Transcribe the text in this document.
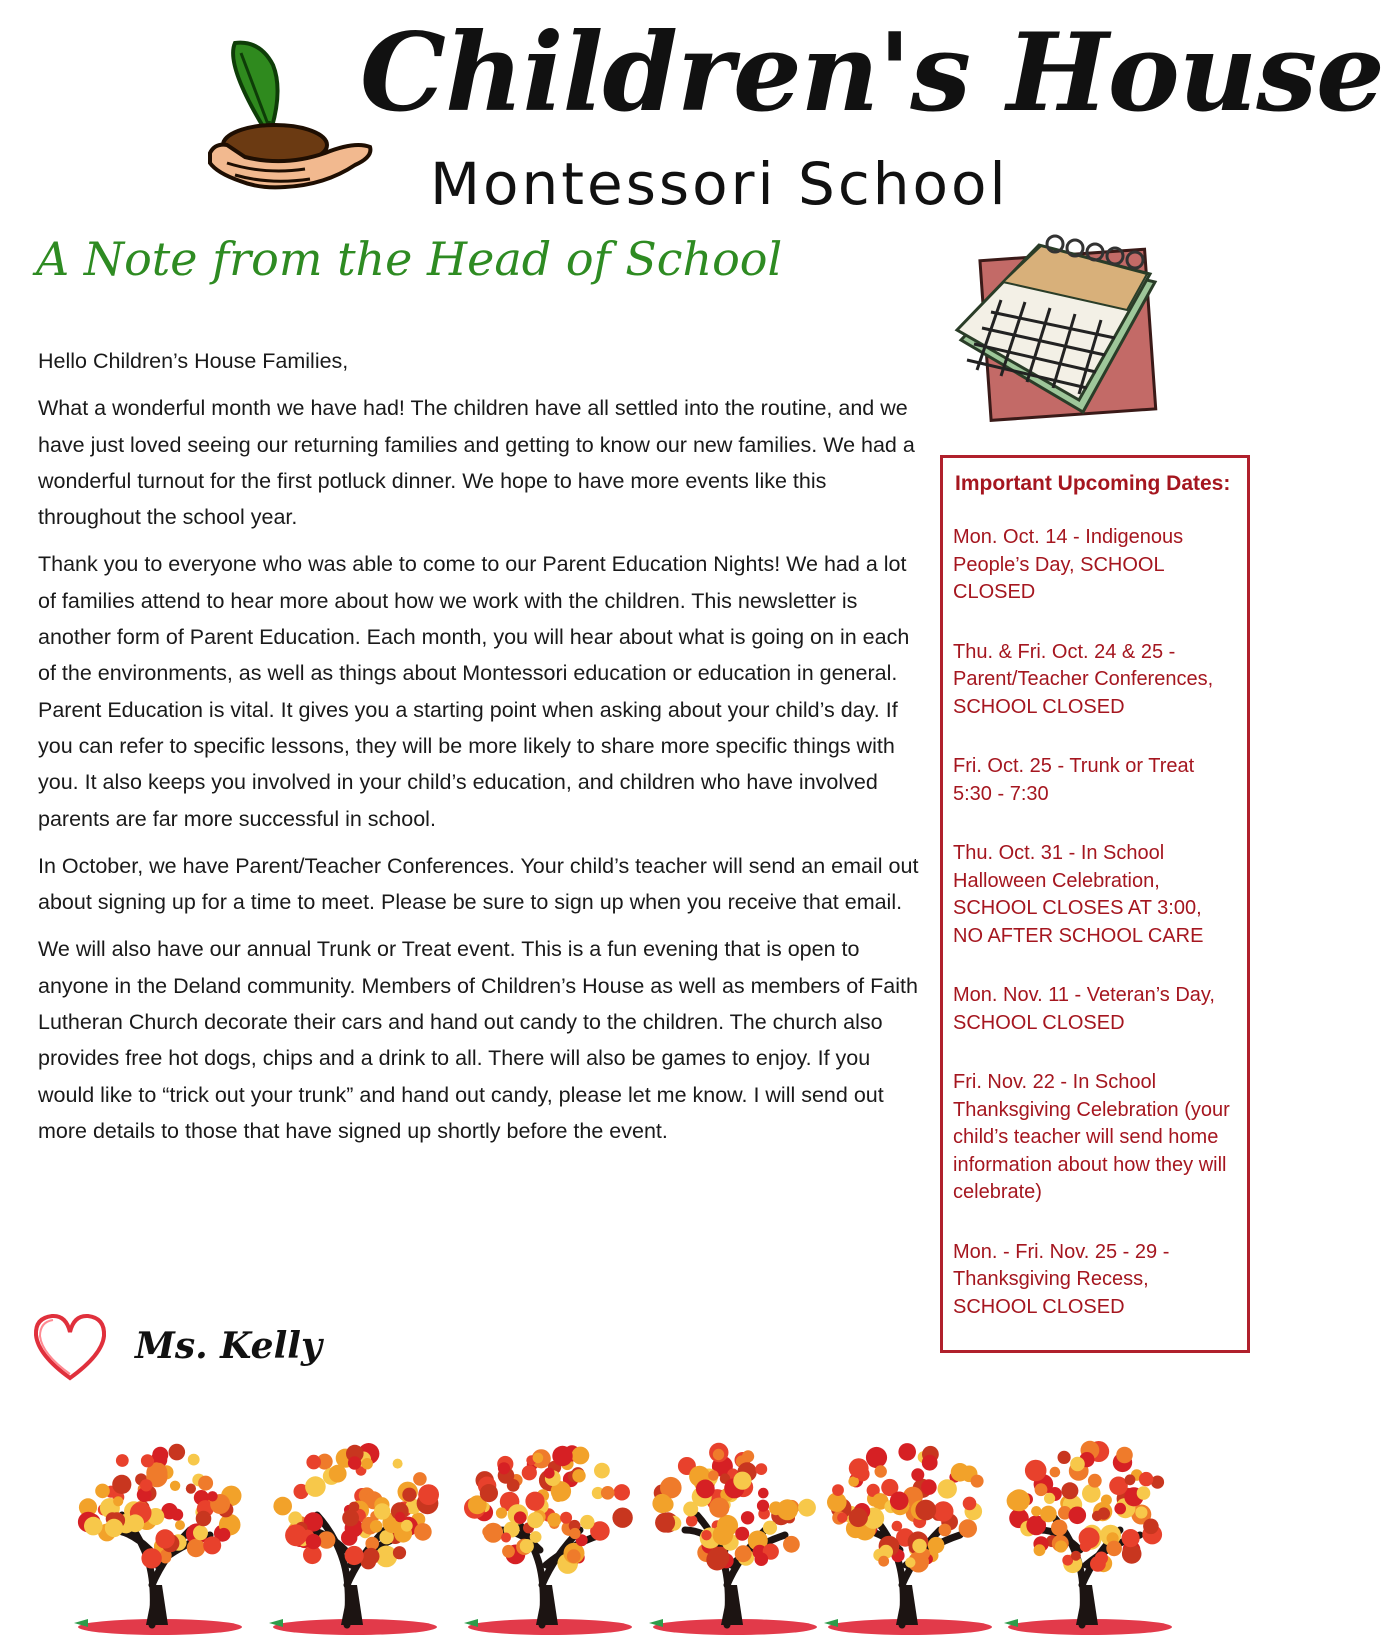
Children's House
Montessori School
A Note from the Head of School

Hello Children’s House Families,

What a wonderful month we have had! The children have all settled into the routine, and we have just loved seeing our returning families and getting to know our new families. We had a wonderful turnout for the first potluck dinner. We hope to have more events like this throughout the school year.

Thank you to everyone who was able to come to our Parent Education Nights! We had a lot of families attend to hear more about how we work with the children. This newsletter is another form of Parent Education. Each month, you will hear about what is going on in each of the environments, as well as things about Montessori education or education in general. Parent Education is vital. It gives you a starting point when asking about your child’s day. If you can refer to specific lessons, they will be more likely to share more specific things with you. It also keeps you involved in your child’s education, and children who have involved parents are far more successful in school.

In October, we have Parent/Teacher Conferences. Your child’s teacher will send an email out about signing up for a time to meet. Please be sure to sign up when you receive that email.

We will also have our annual Trunk or Treat event. This is a fun evening that is open to anyone in the Deland community. Members of Children’s House as well as members of Faith Lutheran Church decorate their cars and hand out candy to the children. The church also provides free hot dogs, chips and a drink to all. There will also be games to enjoy. If you would like to “trick out your trunk” and hand out candy, please let me know. I will send out more details to those that have signed up shortly before the event.

Important Upcoming Dates:
Mon. Oct. 14 - Indigenous People’s Day, SCHOOL CLOSED
Thu. & Fri. Oct. 24 & 25 - Parent/Teacher Conferences, SCHOOL CLOSED
Fri. Oct. 25 - Trunk or Treat 5:30 - 7:30
Thu. Oct. 31 - In School Halloween Celebration, SCHOOL CLOSES AT 3:00, NO AFTER SCHOOL CARE
Mon. Nov. 11 - Veteran’s Day, SCHOOL CLOSED
Fri. Nov. 22 - In School Thanksgiving Celebration (your child’s teacher will send home information about how they will celebrate)
Mon. - Fri. Nov. 25 - 29 - Thanksgiving Recess, SCHOOL CLOSED
Ms. Kelly
